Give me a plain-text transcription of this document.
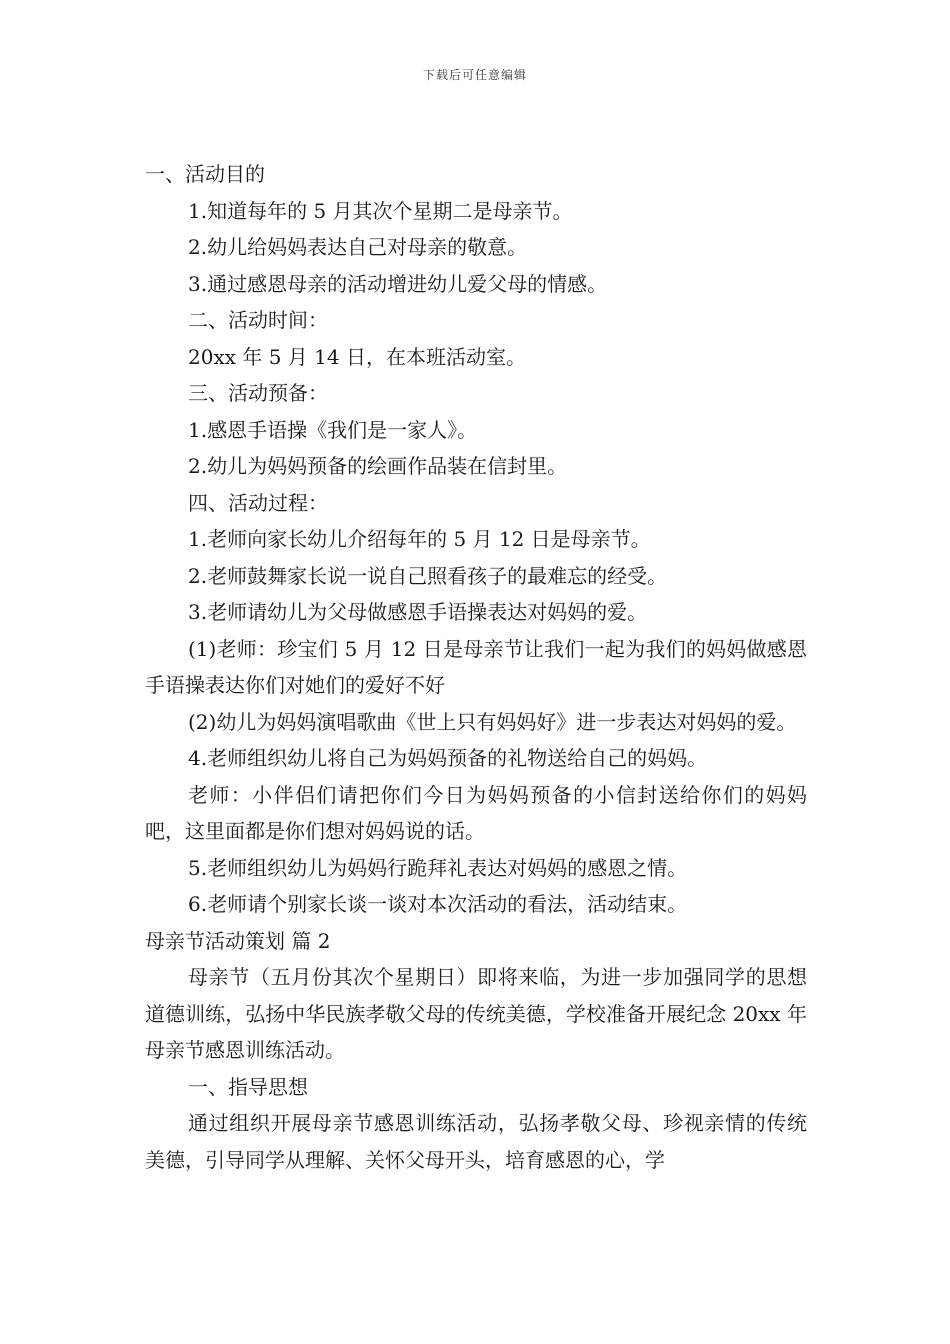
下载后可任意编辑

一、活动目的

1.知道每年的 5 月其次个星期二是母亲节。

2.幼儿给妈妈表达自己对母亲的敬意。

3.通过感恩母亲的活动增进幼儿爱父母的情感。

二、活动时间：

20xx 年 5 月 14 日，在本班活动室。

三、活动预备：

1.感恩手语操《我们是一家人》。

2.幼儿为妈妈预备的绘画作品装在信封里。

四、活动过程：

1.老师向家长幼儿介绍每年的 5 月 12 日是母亲节。

2.老师鼓舞家长说一说自己照看孩子的最难忘的经受。

3.老师请幼儿为父母做感恩手语操表达对妈妈的爱。

(1)老师：珍宝们 5 月 12 日是母亲节让我们一起为我们的妈妈做感恩手语操表达你们对她们的爱好不好

(2)幼儿为妈妈演唱歌曲《世上只有妈妈好》进一步表达对妈妈的爱。

4.老师组织幼儿将自己为妈妈预备的礼物送给自己的妈妈。

老师：小伴侣们请把你们今日为妈妈预备的小信封送给你们的妈妈吧，这里面都是你们想对妈妈说的话。

5.老师组织幼儿为妈妈行跪拜礼表达对妈妈的感恩之情。

6.老师请个别家长谈一谈对本次活动的看法，活动结束。

母亲节活动策划 篇 2

母亲节（五月份其次个星期日）即将来临，为进一步加强同学的思想道德训练，弘扬中华民族孝敬父母的传统美德，学校准备开展纪念 20xx 年母亲节感恩训练活动。

一、指导思想

通过组织开展母亲节感恩训练活动，弘扬孝敬父母、珍视亲情的传统美德，引导同学从理解、关怀父母开头，培育感恩的心，学
